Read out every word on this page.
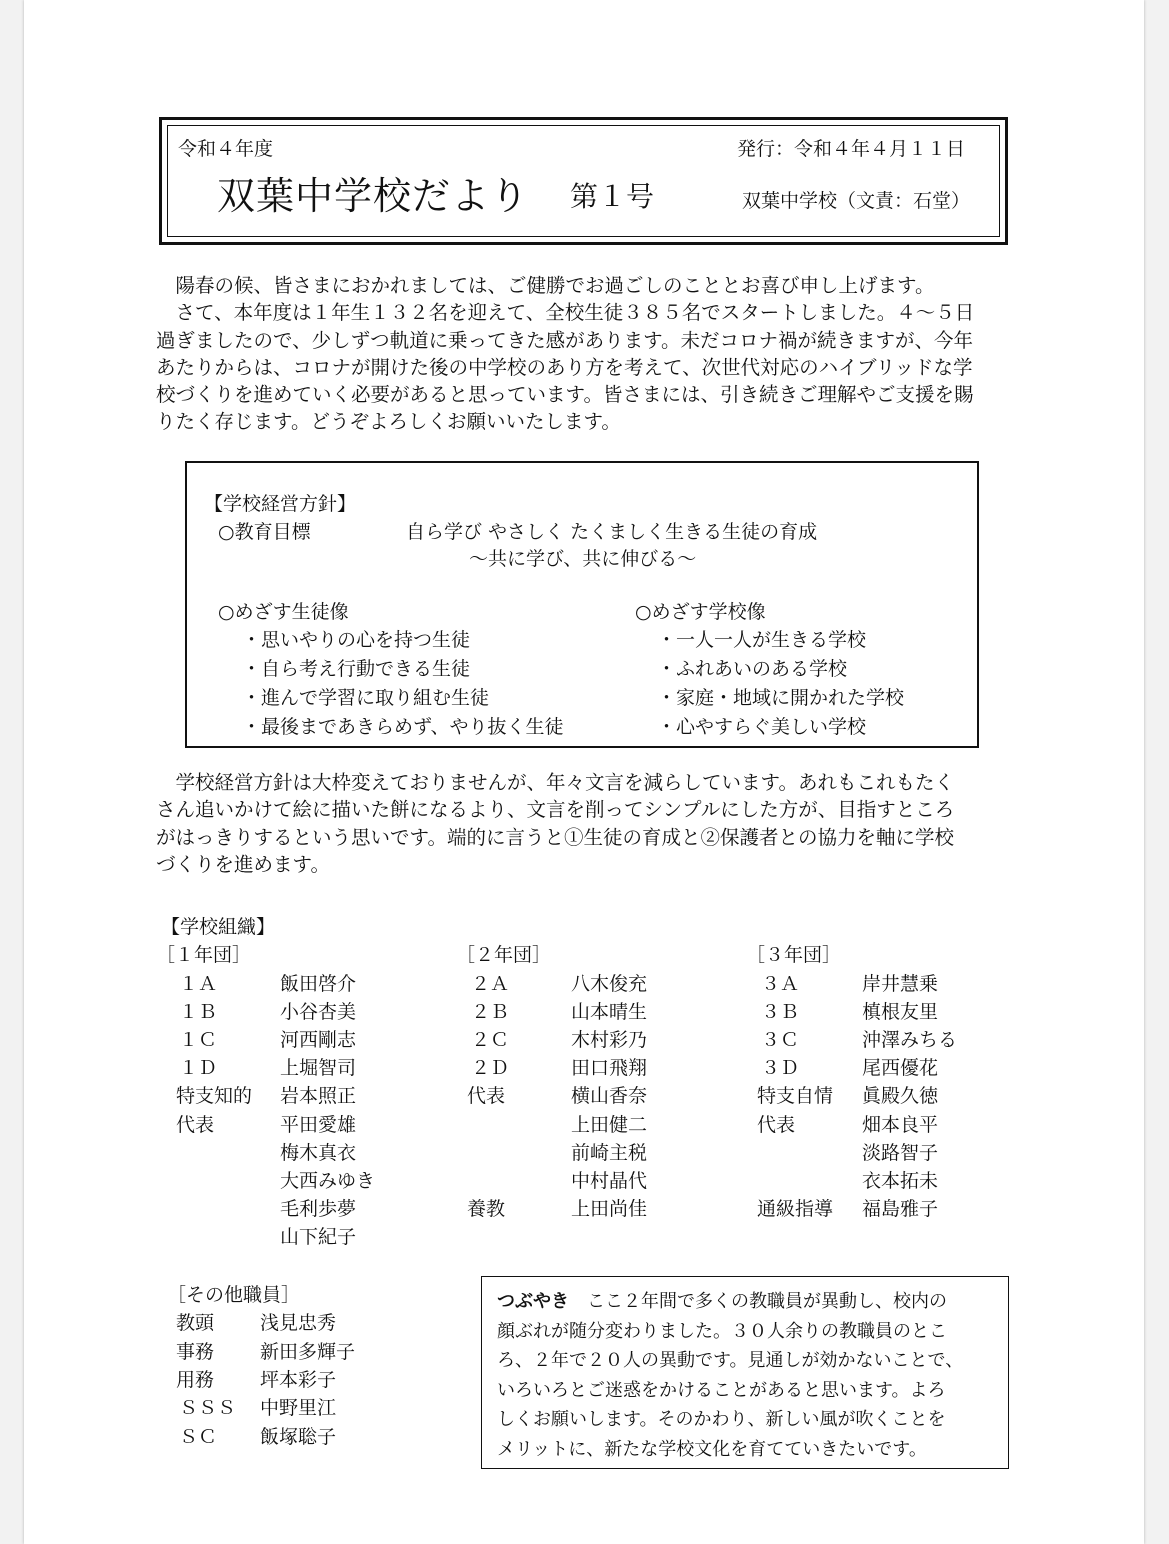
令和４年度	発行：令和４年４月１１日
双葉中学校だより 第１号	双葉中学校（文責：石堂）

　陽春の候、皆さまにおかれましては、ご健勝でお過ごしのこととお喜び申し上げます。

　さて、本年度は１年生１３２名を迎えて、全校生徒３８５名でスタートしました。４～５日

過ぎましたので、少しずつ軌道に乗ってきた感があります。未だコロナ禍が続きますが、今年

あたりからは、コロナが開けた後の中学校のあり方を考えて、次世代対応のハイブリッドな学

校づくりを進めていく必要があると思っています。皆さまには、引き続きご理解やご支援を賜

りたく存じます。どうぞよろしくお願いいたします。

【学校経営方針】
○教育目標	自ら学び やさしく たくましく生きる生徒の育成
～共に学び、共に伸びる～
○めざす生徒像
・思いやりの心を持つ生徒
・自ら考え行動できる生徒
・進んで学習に取り組む生徒
・最後まであきらめず、やり抜く生徒
○めざす学校像
・一人一人が生きる学校
・ふれあいのある学校
・家庭・地域に開かれた学校
・心やすらぐ美しい学校

　学校経営方針は大枠変えておりませんが、年々文言を減らしています。あれもこれもたく

さん追いかけて絵に描いた餅になるより、文言を削ってシンプルにした方が、目指すところ

がはっきりするという思いです。端的に言うと①生徒の育成と②保護者との協力を軸に学校

づくりを進めます。

【学校組織】
［１年団］
１Ａ	飯田啓介
１Ｂ	小谷杏美
１Ｃ	河西剛志
１Ｄ	上堀智司
特支知的 岩本照正
代表	平田愛雄
梅木真衣
大西みゆき
毛利歩夢
山下紀子
［２年団］
２Ａ	八木俊充
２Ｂ	山本晴生
２Ｃ	木村彩乃
２Ｄ	田口飛翔
代表	横山香奈
上田健二
前崎主税
中村晶代
養教	上田尚佳
［３年団］
３Ａ	岸井慧乗
３Ｂ	槙根友里
３Ｃ	沖澤みちる
３Ｄ	尾西優花
特支自情 眞殿久徳
代表	畑本良平
淡路智子
衣本拓未
通級指導 福島雅子
［その他職員］
教頭 浅見忠秀
事務 新田多輝子
用務 坪本彩子
ＳＳＳ 中野里江
ＳＣ 飯塚聡子

つぶやき　ここ２年間で多くの教職員が異動し、校内の

顔ぶれが随分変わりました。３０人余りの教職員のとこ

ろ、２年で２０人の異動です。見通しが効かないことで、

いろいろとご迷惑をかけることがあると思います。よろ

しくお願いします。そのかわり、新しい風が吹くことを

メリットに、新たな学校文化を育てていきたいです。
